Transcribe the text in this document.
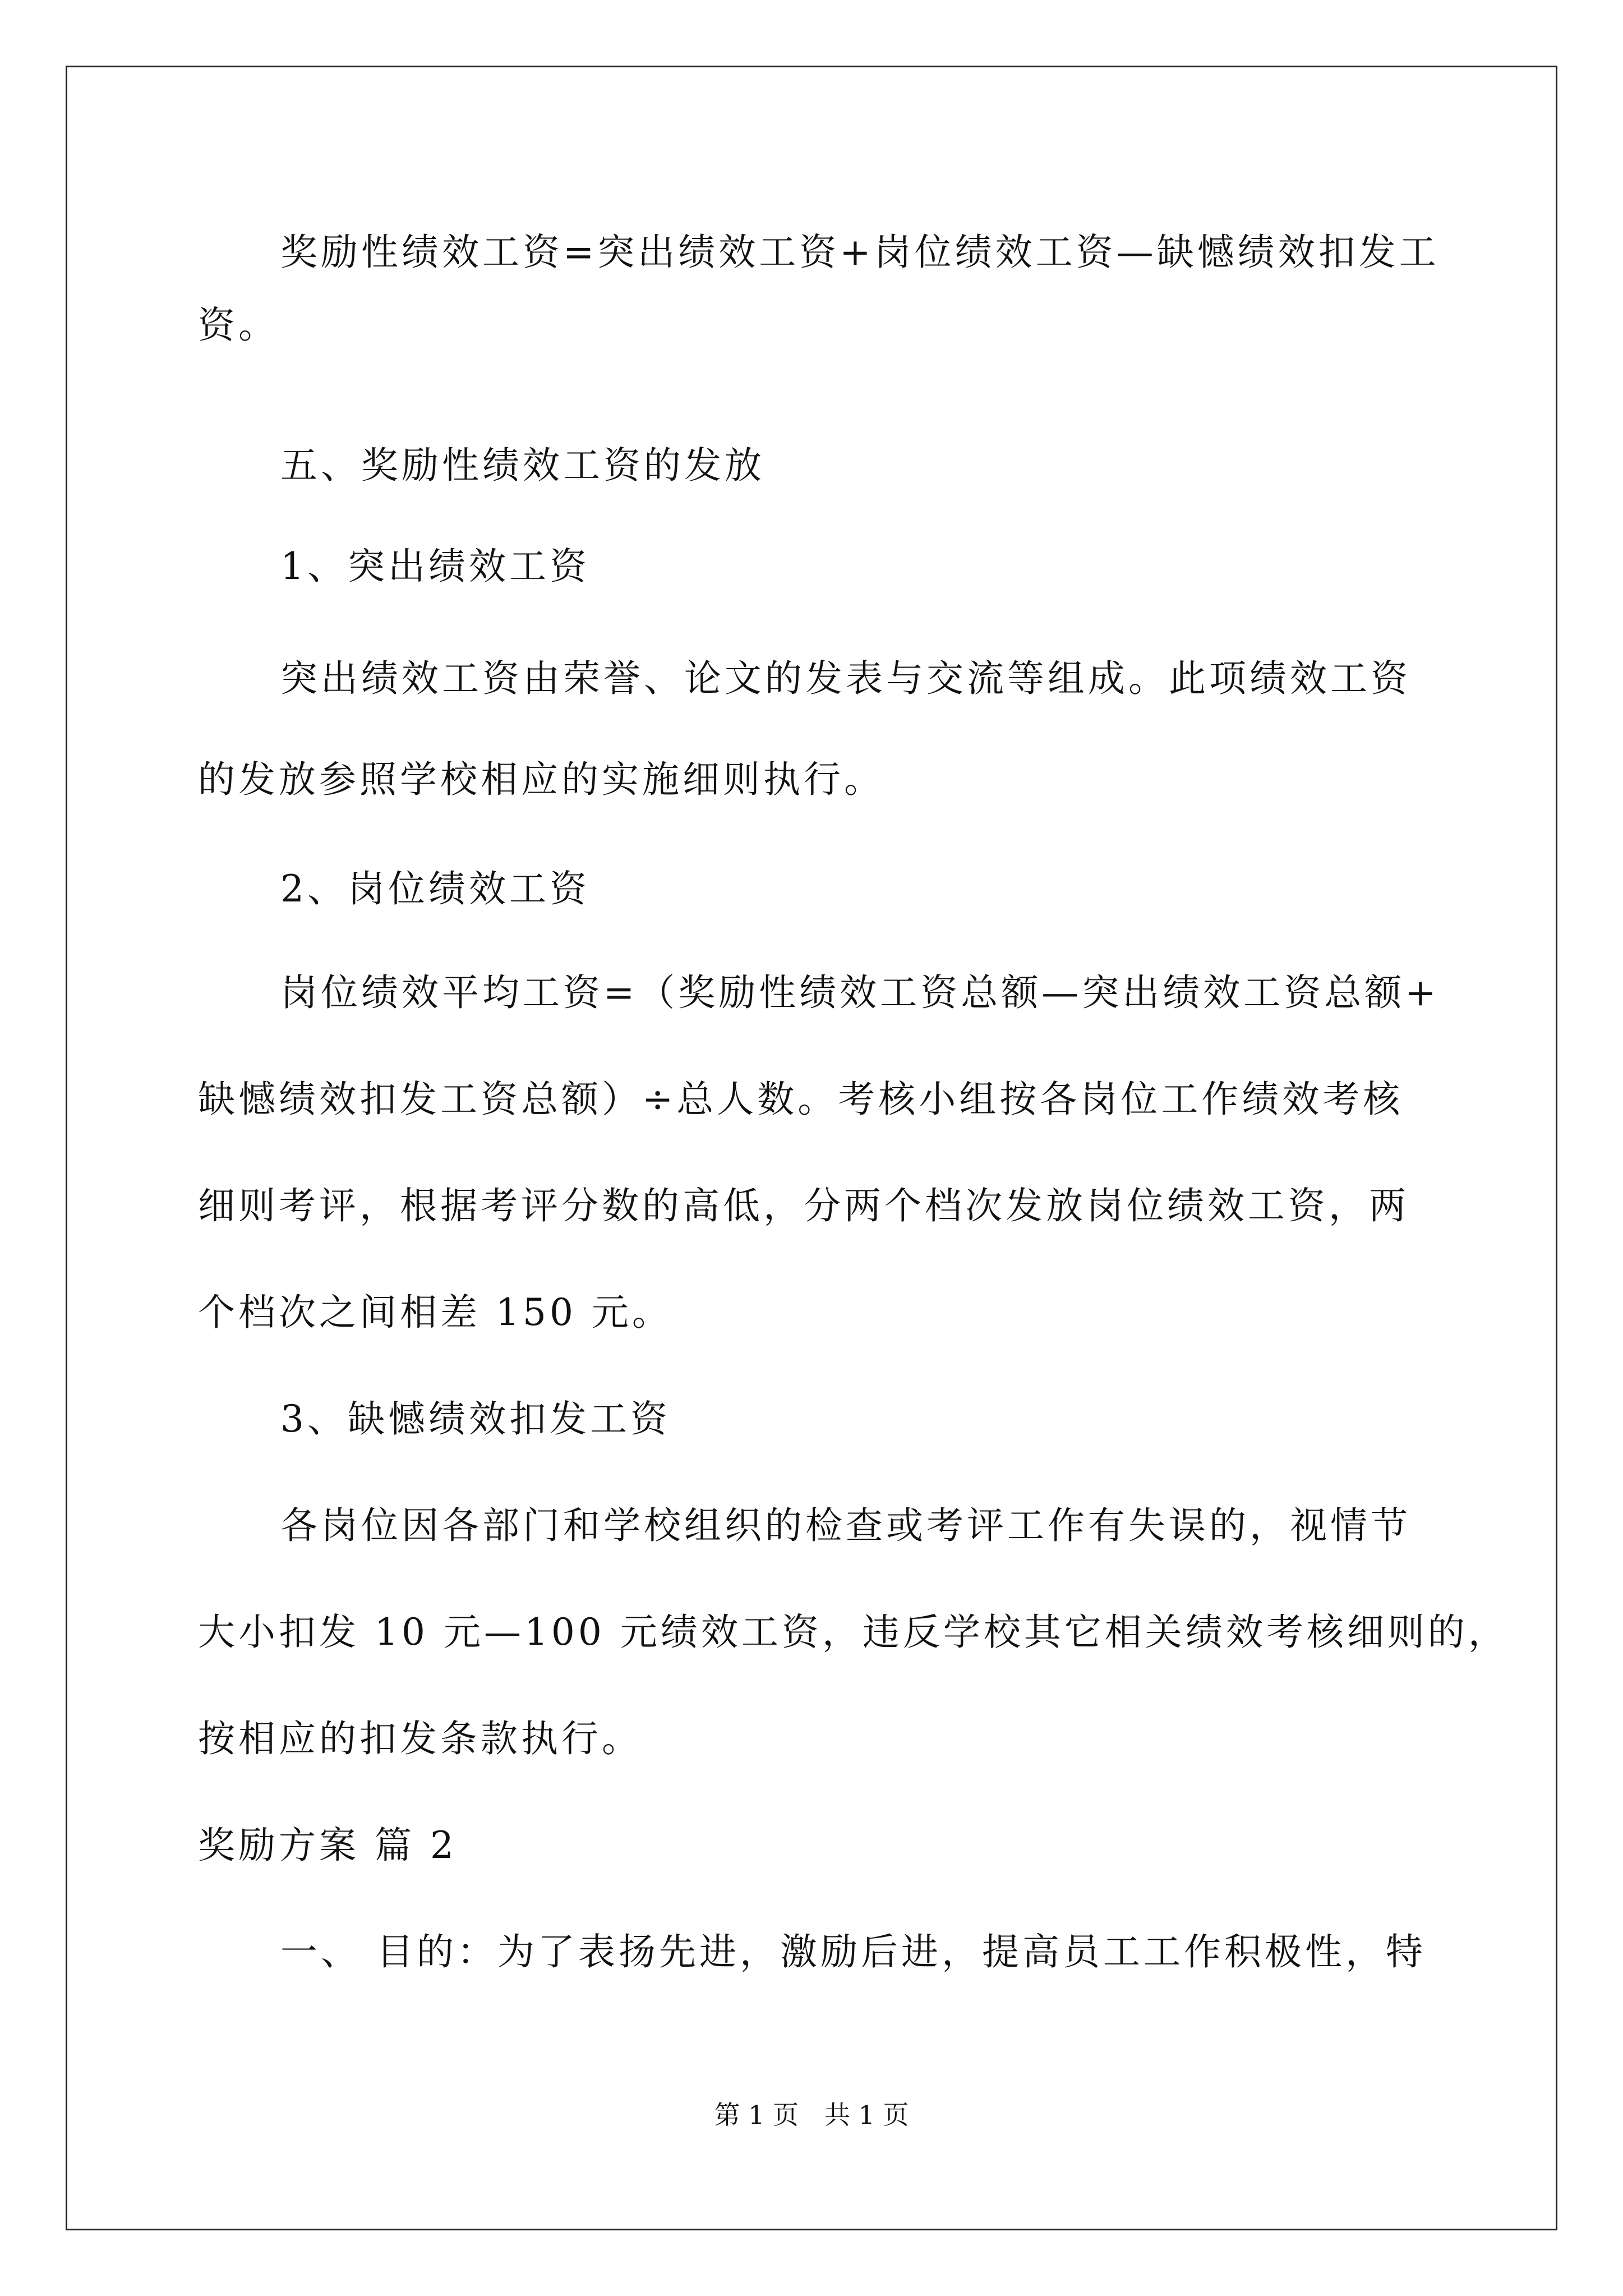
奖励性绩效工资=突出绩效工资+岗位绩效工资—缺憾绩效扣发工

资。

五、奖励性绩效工资的发放

1、突出绩效工资

突出绩效工资由荣誉、论文的发表与交流等组成。此项绩效工资

的发放参照学校相应的实施细则执行。

2、岗位绩效工资

岗位绩效平均工资=（奖励性绩效工资总额—突出绩效工资总额+

缺憾绩效扣发工资总额）÷总人数。考核小组按各岗位工作绩效考核

细则考评，根据考评分数的高低，分两个档次发放岗位绩效工资，两

个档次之间相差 150 元。

3、缺憾绩效扣发工资

各岗位因各部门和学校组织的检查或考评工作有失误的，视情节

大小扣发 10 元—100 元绩效工资，违反学校其它相关绩效考核细则的，

按相应的扣发条款执行。

奖励方案 篇 2

一、 目的：为了表扬先进，激励后进，提高员工工作积极性，特

第 1 页　共 1 页
